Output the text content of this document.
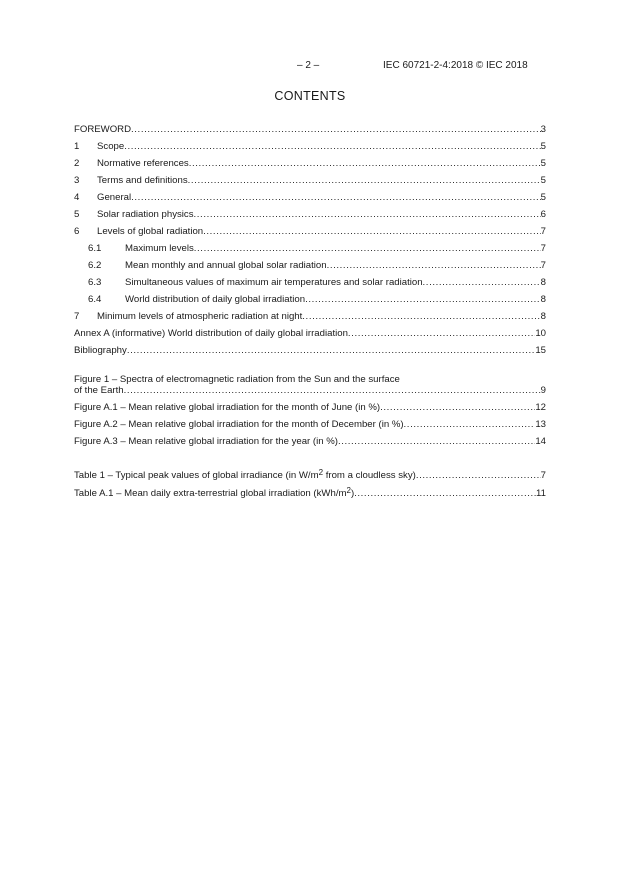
– 2 –	IEC 60721-2-4:2018 © IEC 2018
CONTENTS
FOREWORD .....	3
1	Scope .....	5
2	Normative references .....	5
3	Terms and definitions .....	5
4	General .....	5
5	Solar radiation physics .....	6
6	Levels of global radiation .....	7
6.1	Maximum levels .....	7
6.2	Mean monthly and annual global solar radiation .....	7
6.3	Simultaneous values of maximum air temperatures and solar radiation .....	8
6.4	World distribution of daily global irradiation .....	8
7	Minimum levels of atmospheric radiation at night .....	8
Annex A (informative) World distribution of daily global irradiation .....	10
Bibliography .....	15
Figure 1 – Spectra of electromagnetic radiation from the Sun and the surface
of the Earth .....	9
Figure A.1 – Mean relative global irradiation for the month of June (in %) .....	12
Figure A.2 – Mean relative global irradiation for the month of December (in %) .....	13
Figure A.3 – Mean relative global irradiation for the year (in %) .....	14
Table 1 – Typical peak values of global irradiance (in $W/m^2$ from a cloudless sky) .....	7
Table A.1 – Mean daily extra-terrestrial global irradiation $(kWh/m^2)$ .....	11
